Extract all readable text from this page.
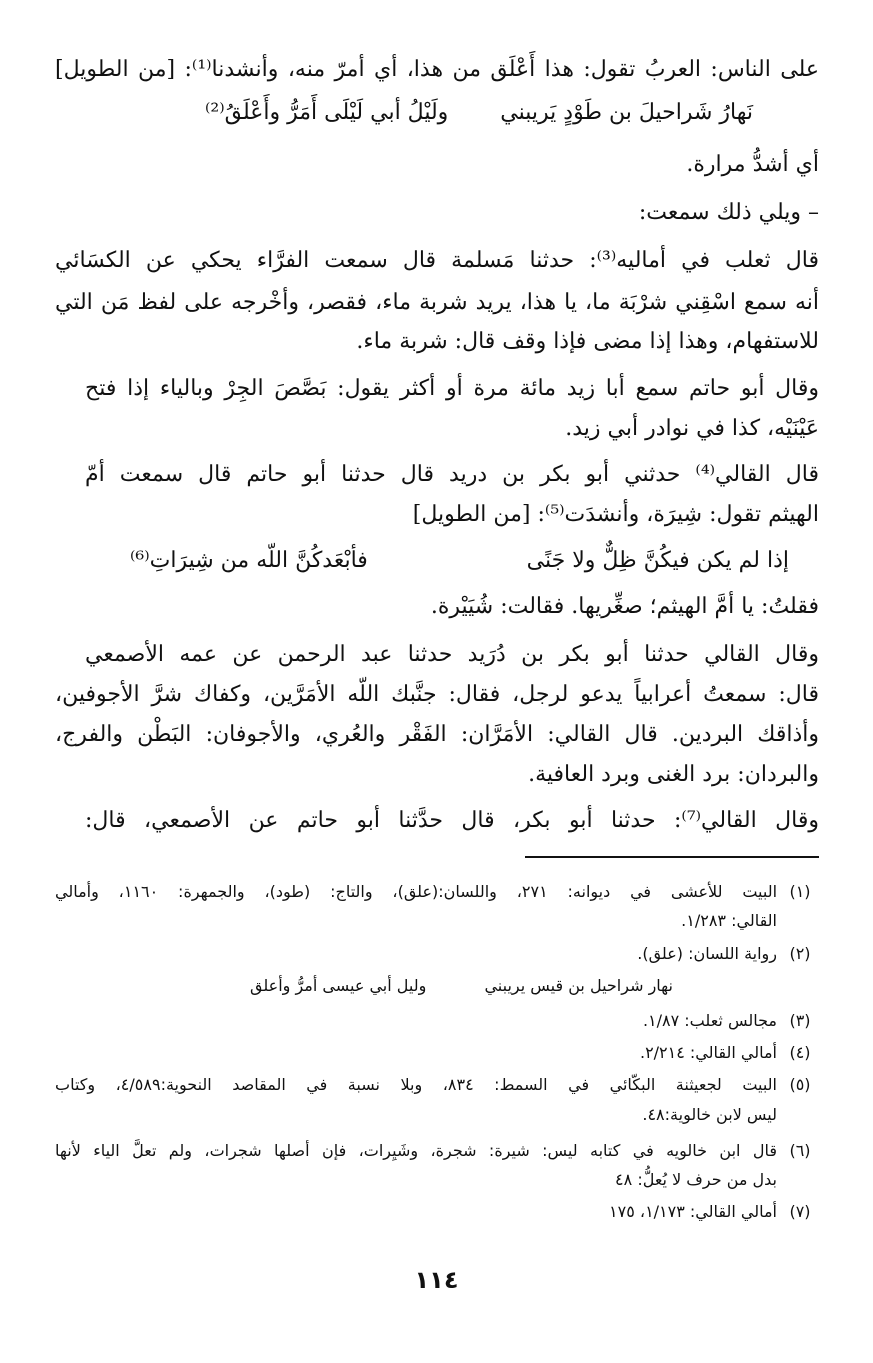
على الناس: العربُ تقول: هذا أَعْلَق من هذا، أي أمرّ منه، وأنشدنا⁽¹⁾: [من الطويل]
نَهارُ شَراحيلَ بن طَوْدٍ يَريبني
ولَيْلُ أبي لَيْلَى أَمَرُّ وأَعْلَقُ⁽²⁾
أي أشدُّ مرارة.
– ويلي ذلك سمعت:
قال ثعلب في أماليه⁽³⁾: حدثنا مَسلمة قال سمعت الفرَّاء يحكي عن الكسَائي
أنه سمع اسْقِني شرْبَة ما، يا هذا، يريد شربة ماء، فقصر، وأخْرجه على لفظ مَن التي
للاستفهام، وهذا إذا مضى فإذا وقف قال: شربة ماء.
وقال أبو حاتم سمع أبا زيد مائة مرة أو أكثر يقول: بَصَّصَ الجِرْ وبالياء إذا فتح
عَيْنَيْه، كذا في نوادر أبي زيد.
قال القالي⁽⁴⁾ حدثني أبو بكر بن دريد قال حدثنا أبو حاتم قال سمعت أمّ
الهيثم تقول: شِيرَة، وأنشدَت⁽⁵⁾: [من الطويل]
إذا لم يكن فيكُنَّ ظِلٌّ ولا جَنًى
فأبْعَدكُنَّ اللّه من شِيرَاتِ⁽⁶⁾
فقلتُ: يا أمَّ الهيثم؛ صغِّريها. فقالت: شُيَيْرة.
وقال القالي حدثنا أبو بكر بن دُرَيد حدثنا عبد الرحمن عن عمه الأصمعي
قال: سمعتُ أعرابياً يدعو لرجل، فقال: جنَّبك اللّه الأمَرَّين، وكفاك شرَّ الأجوفين،
وأذاقك البردين. قال القالي: الأمَرَّان: الفَقْر والعُري، والأجوفان: البَطْن والفرج،
والبردان: برد الغنى وبرد العافية.
وقال القالي⁽⁷⁾: حدثنا أبو بكر، قال حدَّثنا أبو حاتم عن الأصمعي، قال:
(١)
البيت للأعشى في ديوانه: ٢٧١، واللسان:(علق)، والتاج: (طود)، والجمهرة: ١١٦٠، وأمالي
القالي: ١/٢٨٣.
(٢)
رواية اللسان: (علق).
نهار شراحيل بن قيس يريبني
وليل أبي عيسى أمرُّ وأعلق
(٣)
مجالس ثعلب: ١/٨٧.
(٤)
أمالي القالي: ٢/٢١٤.
(٥)
البيت لجعيثنة البكّائي في السمط: ٨٣٤، وبلا نسبة في المقاصد النحوية:٤/٥٨٩، وكتاب
ليس لابن خالوية:٤٨.
(٦)
قال ابن خالويه في كتابه ليس: شيرة: شجرة، وشَيِرات، فإن أصلها شجرات، ولم تعلَّ الياء لأنها
بدل من حرف لا يُعلُّ: ٤٨
(٧)
أمالي القالي: ١/١٧٣، ١٧٥
١١٤
